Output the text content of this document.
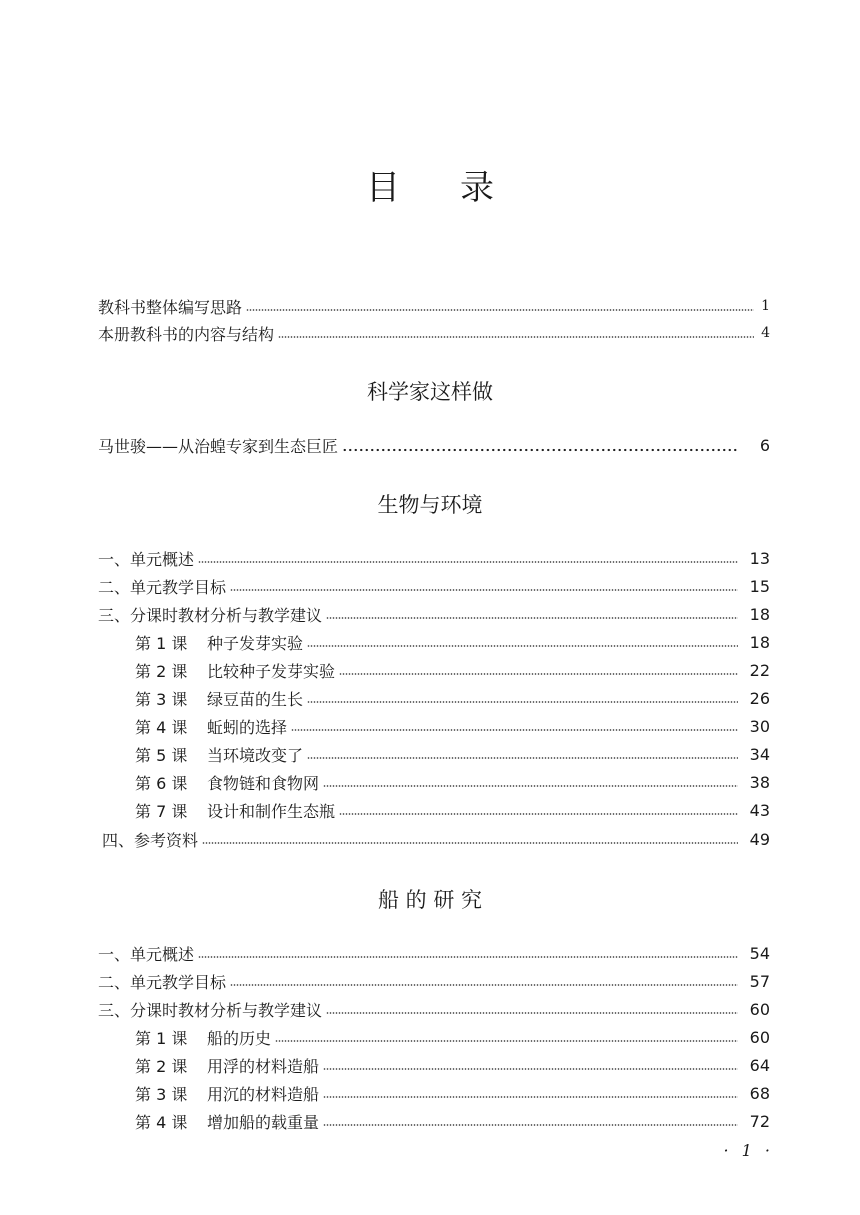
目录
教科书整体编写思路	1
本册教科书的内容与结构	4
科学家这样做
马世骏——从治蝗专家到生态巨匠	6
生物与环境
一、单元概述	13
二、单元教学目标	15
三、分课时教材分析与教学建议	18
第 1 课 种子发芽实验	18
第 2 课 比较种子发芽实验	22
第 3 课 绿豆苗的生长	26
第 4 课 蚯蚓的选择	30
第 5 课 当环境改变了	34
第 6 课 食物链和食物网	38
第 7 课 设计和制作生态瓶	43
四、参考资料	49
船 的 研 究
一、单元概述	54
二、单元教学目标	57
三、分课时教材分析与教学建议	60
第 1 课 船的历史	60
第 2 课 用浮的材料造船	64
第 3 课 用沉的材料造船	68
第 4 课 增加船的载重量	72
· 1 ·
